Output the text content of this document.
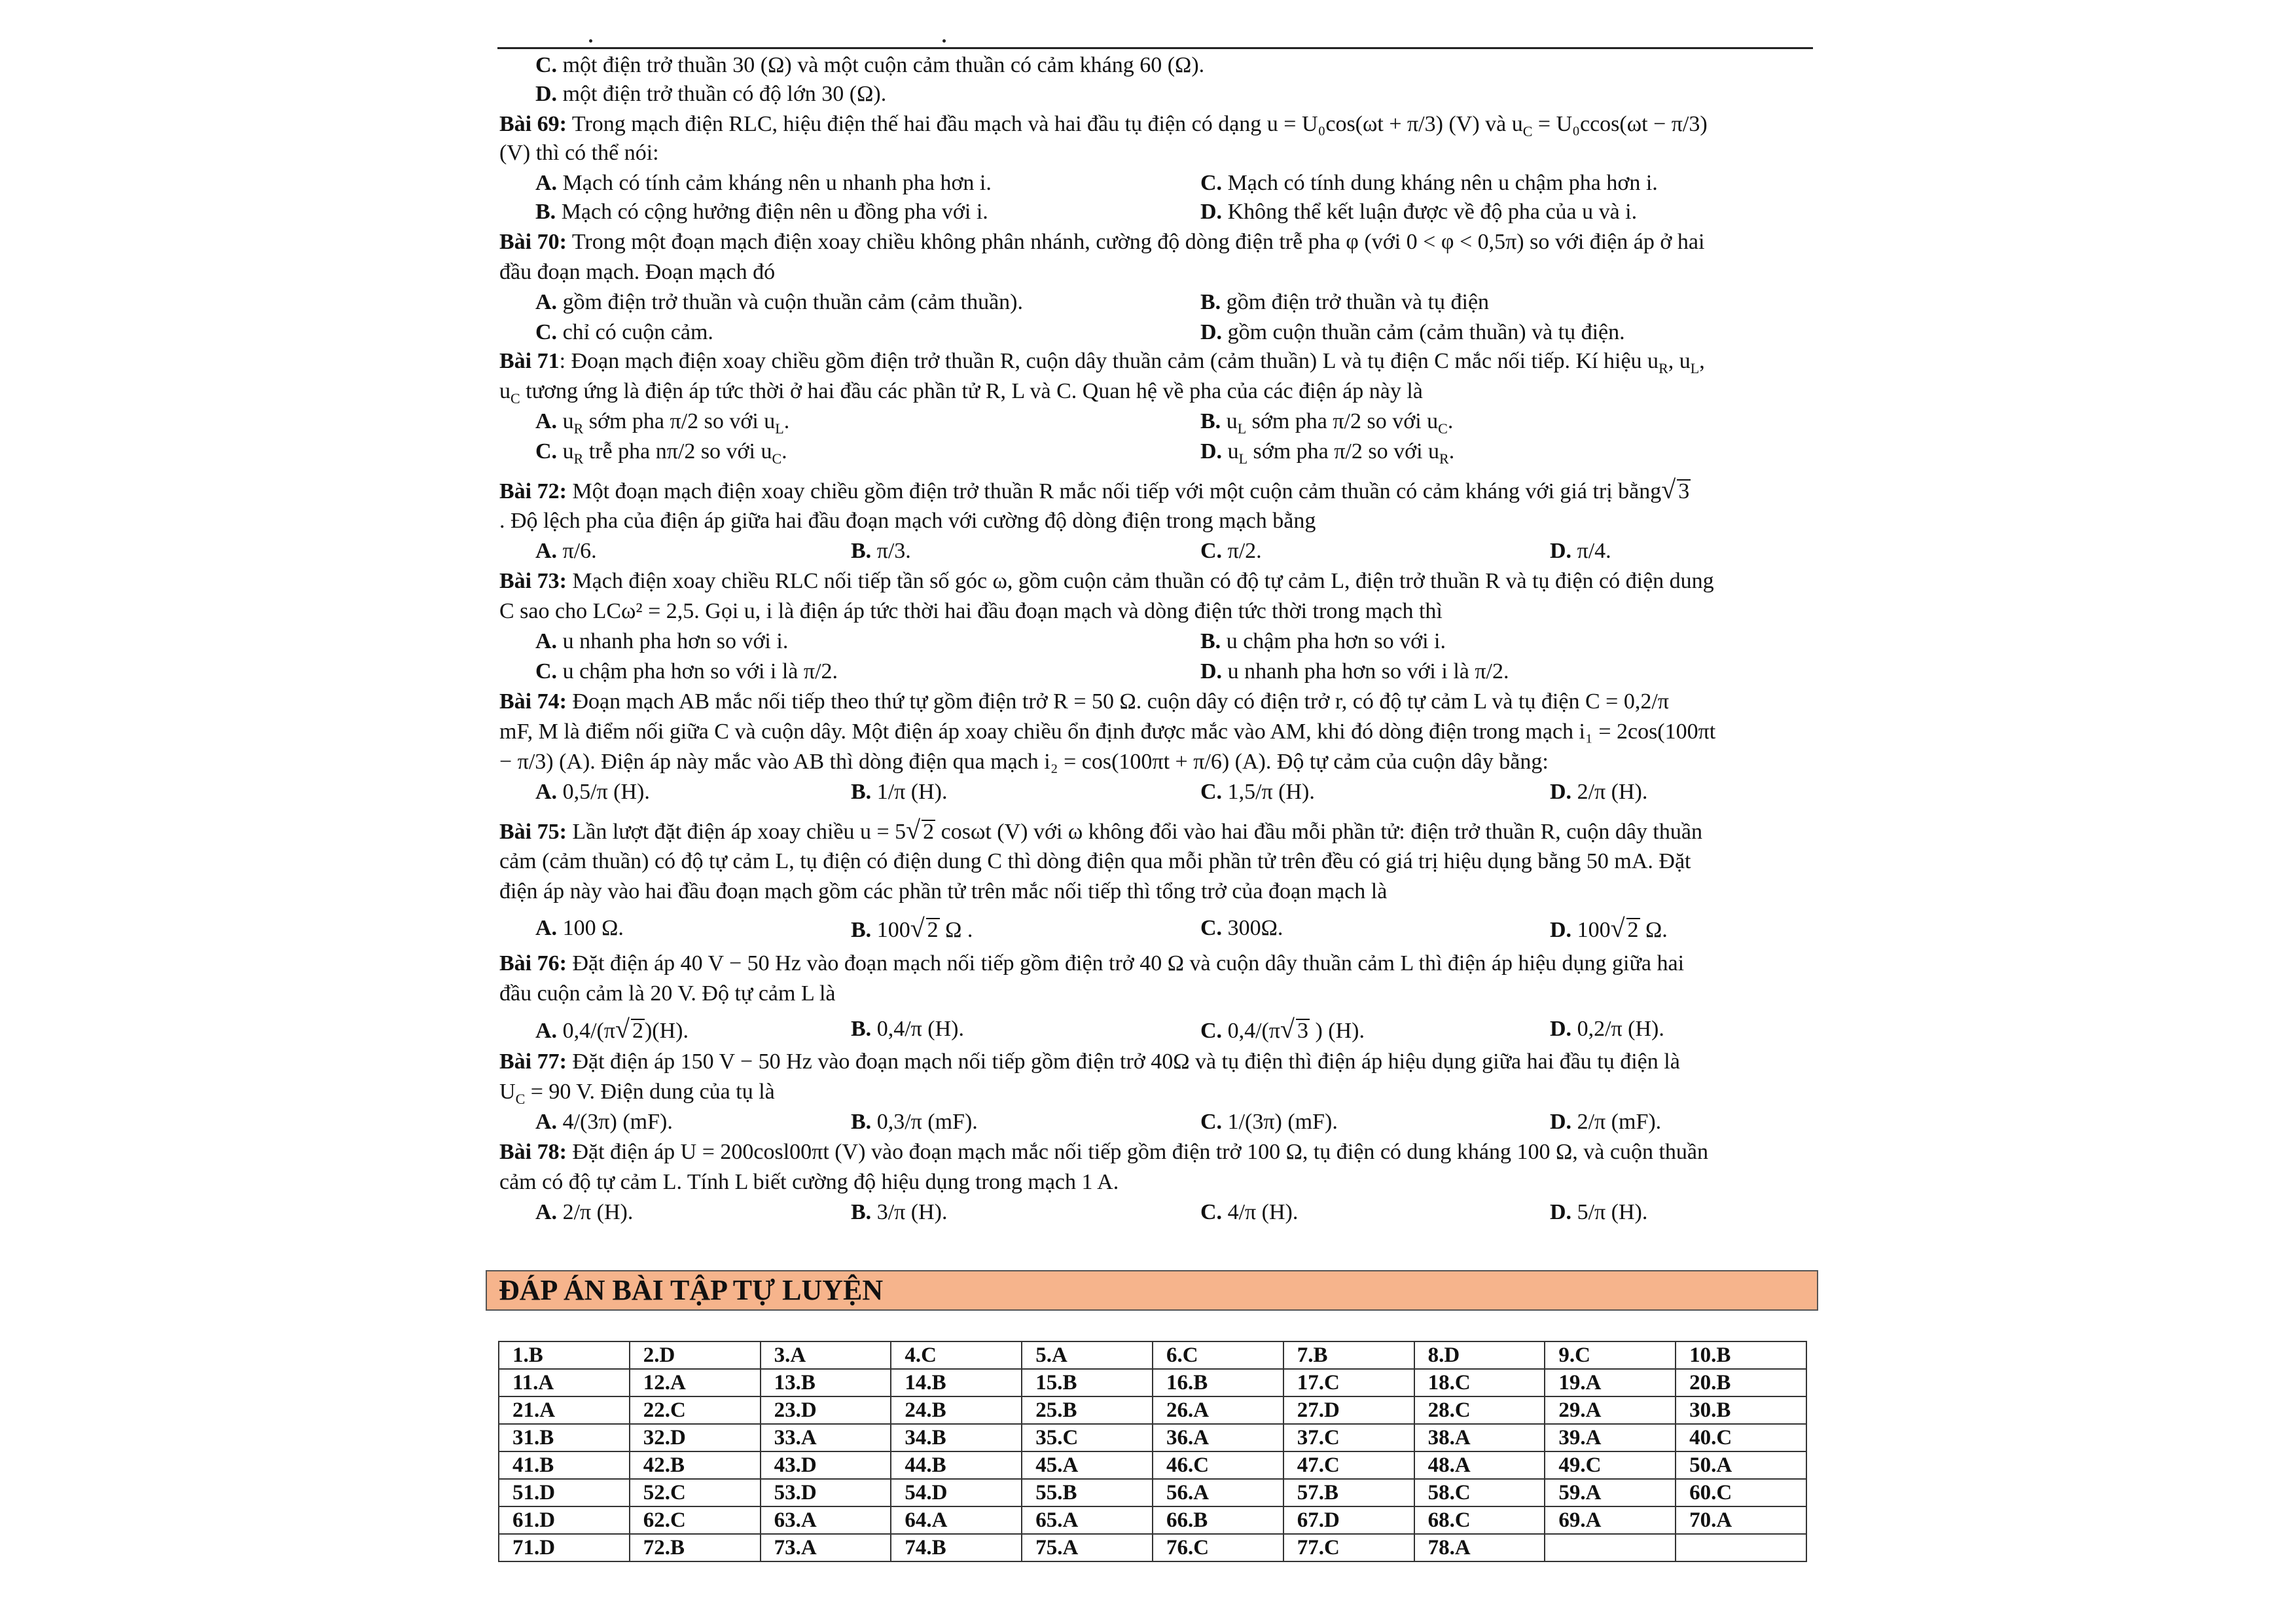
C. một điện trở thuần 30 (Ω) và một cuộn cảm thuần có cảm kháng 60 (Ω).
D. một điện trở thuần có độ lớn 30 (Ω).
Bài 69: Trong mạch điện RLC, hiệu điện thế hai đầu mạch và hai đầu tụ điện có dạng u = U₀cos(ωt + π/3) (V) và $u_C = U_0ccos(\omega t - \pi/3)$
(V) thì có thể nói:
A. Mạch có tính cảm kháng nên u nhanh pha hơn i.	C. Mạch có tính dung kháng nên u chậm pha hơn i.
B. Mạch có cộng hưởng điện nên u đồng pha với i.	D. Không thể kết luận được về độ pha của u và i.
Bài 70: Trong một đoạn mạch điện xoay chiều không phân nhánh, cường độ dòng điện trễ pha φ (với 0 < φ < 0,5π) so với điện áp ở hai
đầu đoạn mạch. Đoạn mạch đó
A. gồm điện trở thuần và cuộn thuần cảm (cảm thuần).	B. gồm điện trở thuần và tụ điện
C. chỉ có cuộn cảm.	D. gồm cuộn thuần cảm (cảm thuần) và tụ điện.
Bài 71: Đoạn mạch điện xoay chiều gồm điện trở thuần R, cuộn dây thuần cảm (cảm thuần) L và tụ điện C mắc nối tiếp. Kí hiệu $u_R$, $u_L$,
$u_C$ tương ứng là điện áp tức thời ở hai đầu các phần tử R, L và C. Quan hệ về pha của các điện áp này là
A. $u_R$ sớm pha π/2 so với $u_L$.	B. $u_L$ sớm pha π/2 so với $u_C$.
C. $u_R$ trễ pha nπ/2 so với $u_C$.	D. $u_L$ sớm pha π/2 so với $u_R$.
Bài 72: Một đoạn mạch điện xoay chiều gồm điện trở thuần R mắc nối tiếp với một cuộn cảm thuần có cảm kháng với giá trị bằng√ 3
. Độ lệch pha của điện áp giữa hai đầu đoạn mạch với cường độ dòng điện trong mạch bằng
A. π/6.	B. π/3.	C. π/2.	D. π/4.
Bài 73: Mạch điện xoay chiều RLC nối tiếp tần số góc ω, gồm cuộn cảm thuần có độ tự cảm L, điện trở thuần R và tụ điện có điện dung
C sao cho LCω² = 2,5. Gọi u, i là điện áp tức thời hai đầu đoạn mạch và dòng điện tức thời trong mạch thì
A. u nhanh pha hơn so với i.	B. u chậm pha hơn so với i.
C. u chậm pha hơn so với i là π/2.	D. u nhanh pha hơn so với i là π/2.
Bài 74: Đoạn mạch AB mắc nối tiếp theo thứ tự gồm điện trở R = 50 Ω. cuộn dây có điện trở r, có độ tự cảm L và tụ điện C = 0,2/π
mF, M là điểm nối giữa C và cuộn dây. Một điện áp xoay chiều ổn định được mắc vào AM, khi đó dòng điện trong mạch i₁ = 2cos(100πt
− π/3) (A). Điện áp này mắc vào AB thì dòng điện qua mạch i₂ = cos(100πt + π/6) (A). Độ tự cảm của cuộn dây bằng:
A. 0,5/π (H).	B. 1/π (H).	C. 1,5/π (H).	D. 2/π (H).
Bài 75: Lần lượt đặt điện áp xoay chiều u = 5√ 2 cosωt (V) với ω không đổi vào hai đầu mỗi phần tử: điện trở thuần R, cuộn dây thuần
cảm (cảm thuần) có độ tự cảm L, tụ điện có điện dung C thì dòng điện qua mỗi phần tử trên đều có giá trị hiệu dụng bằng 50 mA. Đặt
điện áp này vào hai đầu đoạn mạch gồm các phần tử trên mắc nối tiếp thì tổng trở của đoạn mạch là
A. 100 Ω.	B. 100√ 2 Ω .	C. 300Ω.	D. 100√ 2 Ω.
Bài 76: Đặt điện áp 40 V − 50 Hz vào đoạn mạch nối tiếp gồm điện trở 40 Ω và cuộn dây thuần cảm L thì điện áp hiệu dụng giữa hai
đầu cuộn cảm là 20 V. Độ tự cảm L là
A. 0,4/(π√ 2)(H).	B. 0,4/π (H).	C. 0,4/(π√ 3 ) (H).	D. 0,2/π (H).
Bài 77: Đặt điện áp 150 V − 50 Hz vào đoạn mạch nối tiếp gồm điện trở 40Ω và tụ điện thì điện áp hiệu dụng giữa hai đầu tụ điện là
$U_C = 90$ V. Điện dung của tụ là
A. 4/(3π) (mF).	B. 0,3/π (mF).	C. 1/(3π) (mF).	D. 2/π (mF).
Bài 78: Đặt điện áp U = 200cosl00πt (V) vào đoạn mạch mắc nối tiếp gồm điện trở 100 Ω, tụ điện có dung kháng 100 Ω, và cuộn thuần
cảm có độ tự cảm L. Tính L biết cường độ hiệu dụng trong mạch 1 A.
A. 2/π (H).	B. 3/π (H).	C. 4/π (H).	D. 5/π (H).
ĐÁP ÁN BÀI TẬP TỰ LUYỆN
1.B	2.D	3.A	4.C	5.A	6.C	7.B	8.D	9.C	10.B
11.A	12.A	13.B	14.B	15.B	16.B	17.C	18.C	19.A	20.B
21.A	22.C	23.D	24.B	25.B	26.A	27.D	28.C	29.A	30.B
31.B	32.D	33.A	34.B	35.C	36.A	37.C	38.A	39.A	40.C
41.B	42.B	43.D	44.B	45.A	46.C	47.C	48.A	49.C	50.A
51.D	52.C	53.D	54.D	55.B	56.A	57.B	58.C	59.A	60.C
61.D	62.C	63.A	64.A	65.A	66.B	67.D	68.C	69.A	70.A
71.D	72.B	73.A	74.B	75.A	76.C	77.C	78.A		
